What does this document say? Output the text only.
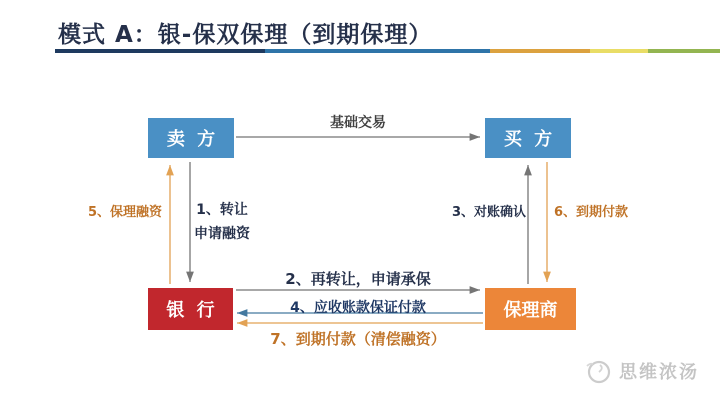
模式 A：银-保双保理（到期保理）
卖 方	买 方
银 行	保理商
基础交易
5、保理融资	1、转让
申请融资
3、对账确认 6、到期付款
2、再转让，申请承保
4、应收账款保证付款
7、到期付款（清偿融资）
思维浓汤
